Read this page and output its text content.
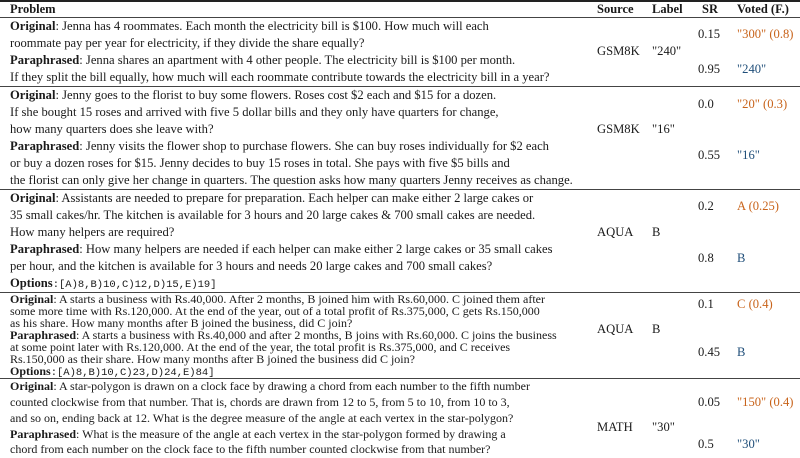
Problem	Source Label SR Voted (F.)
Original: Jenna has 4 roommates. Each month the electricity bill is $100. How much will each
roommate pay per year for electricity, if they divide the share equally?
Paraphrased: Jenna shares an apartment with 4 other people. The electricity bill is $100 per month.
If they split the bill equally, how much will each roommate contribute towards the electricity bill in a year?
GSM8K "240"
0.15 "300" (0.8)
0.95 "240"
Original: Jenny goes to the florist to buy some flowers. Roses cost $2 each and $15 for a dozen.
If she bought 15 roses and arrived with five 5 dollar bills and they only have quarters for change,
how many quarters does she leave with?
Paraphrased: Jenny visits the flower shop to purchase flowers. She can buy roses individually for $2 each
or buy a dozen roses for $15. Jenny decides to buy 15 roses in total. She pays with five $5 bills and
the florist can only give her change in quarters. The question asks how many quarters Jenny receives as change.
GSM8K "16"
0.0 "20" (0.3)
0.55 "16"
Original: Assistants are needed to prepare for preparation. Each helper can make either 2 large cakes or
35 small cakes/hr. The kitchen is available for 3 hours and 20 large cakes & 700 small cakes are needed.
How many helpers are required?
Paraphrased: How many helpers are needed if each helper can make either 2 large cakes or 35 small cakes
per hour, and the kitchen is available for 3 hours and needs 20 large cakes and 700 small cakes?
Options:[A)8,B)10,C)12,D)15,E)19]
AQUA B
0.2 A (0.25)
0.8 B
Original: A starts a business with Rs.40,000. After 2 months, B joined him with Rs.60,000. C joined them after
some more time with Rs.120,000. At the end of the year, out of a total profit of Rs.375,000, C gets Rs.150,000
as his share. How many months after B joined the business, did C join?
Paraphrased: A starts a business with Rs.40,000 and after 2 months, B joins with Rs.60,000. C joins the business
at some point later with Rs.120,000. At the end of the year, the total profit is Rs.375,000, and C receives
Rs.150,000 as their share. How many months after B joined the business did C join?
Options:[A)8,B)10,C)23,D)24,E)84]
AQUA B
0.1 C (0.4)
0.45 B
Original: A star-polygon is drawn on a clock face by drawing a chord from each number to the fifth number
counted clockwise from that number. That is, chords are drawn from 12 to 5, from 5 to 10, from 10 to 3,
and so on, ending back at 12. What is the degree measure of the angle at each vertex in the star-polygon?
Paraphrased: What is the measure of the angle at each vertex in the star-polygon formed by drawing a
chord from each number on the clock face to the fifth number counted clockwise from that number?
MATH "30"
0.05 "150" (0.4)
0.5 "30"
